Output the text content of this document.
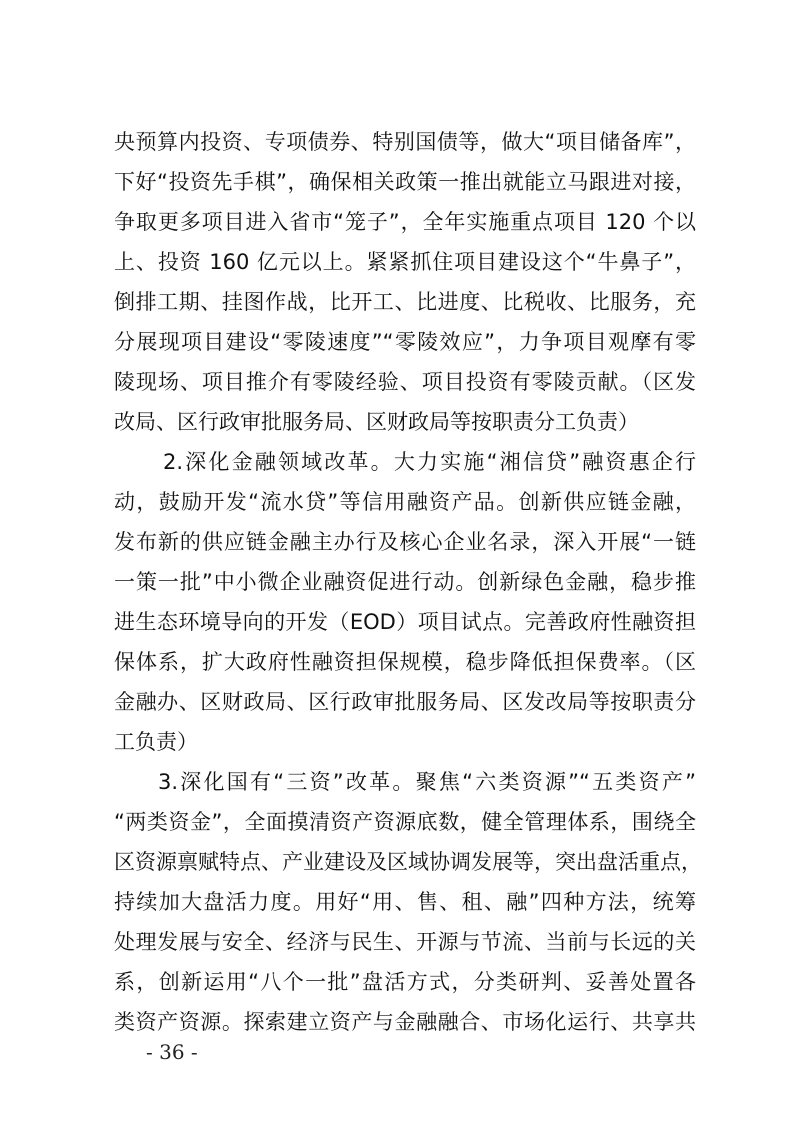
央预算内投资、专项债券、特别国债等，做大“项目储备库”，
下好“投资先手棋”，确保相关政策一推出就能立马跟进对接，
争取更多项目进入省市“笼子”，全年实施重点项目 120 个以
上、投资 160 亿元以上。紧紧抓住项目建设这个“牛鼻子”，
倒排工期、挂图作战，比开工、比进度、比税收、比服务，充
分展现项目建设“零陵速度”“零陵效应”，力争项目观摩有零
陵现场、项目推介有零陵经验、项目投资有零陵贡献。（区发
改局、区行政审批服务局、区财政局等按职责分工负责）
2.深化金融领域改革。大力实施“湘信贷”融资惠企行
动，鼓励开发“流水贷”等信用融资产品。创新供应链金融，
发布新的供应链金融主办行及核心企业名录，深入开展“一链
一策一批”中小微企业融资促进行动。创新绿色金融，稳步推
进生态环境导向的开发（EOD）项目试点。完善政府性融资担
保体系，扩大政府性融资担保规模，稳步降低担保费率。（区
金融办、区财政局、区行政审批服务局、区发改局等按职责分
工负责）
3.深化国有“三资”改革。聚焦“六类资源”“五类资产”
“两类资金”，全面摸清资产资源底数，健全管理体系，围绕全
区资源禀赋特点、产业建设及区域协调发展等，突出盘活重点，
持续加大盘活力度。用好“用、售、租、融”四种方法，统筹
处理发展与安全、经济与民生、开源与节流、当前与长远的关
系，创新运用“八个一批”盘活方式，分类研判、妥善处置各
类资产资源。探索建立资产与金融融合、市场化运行、共享共
- 36 -
